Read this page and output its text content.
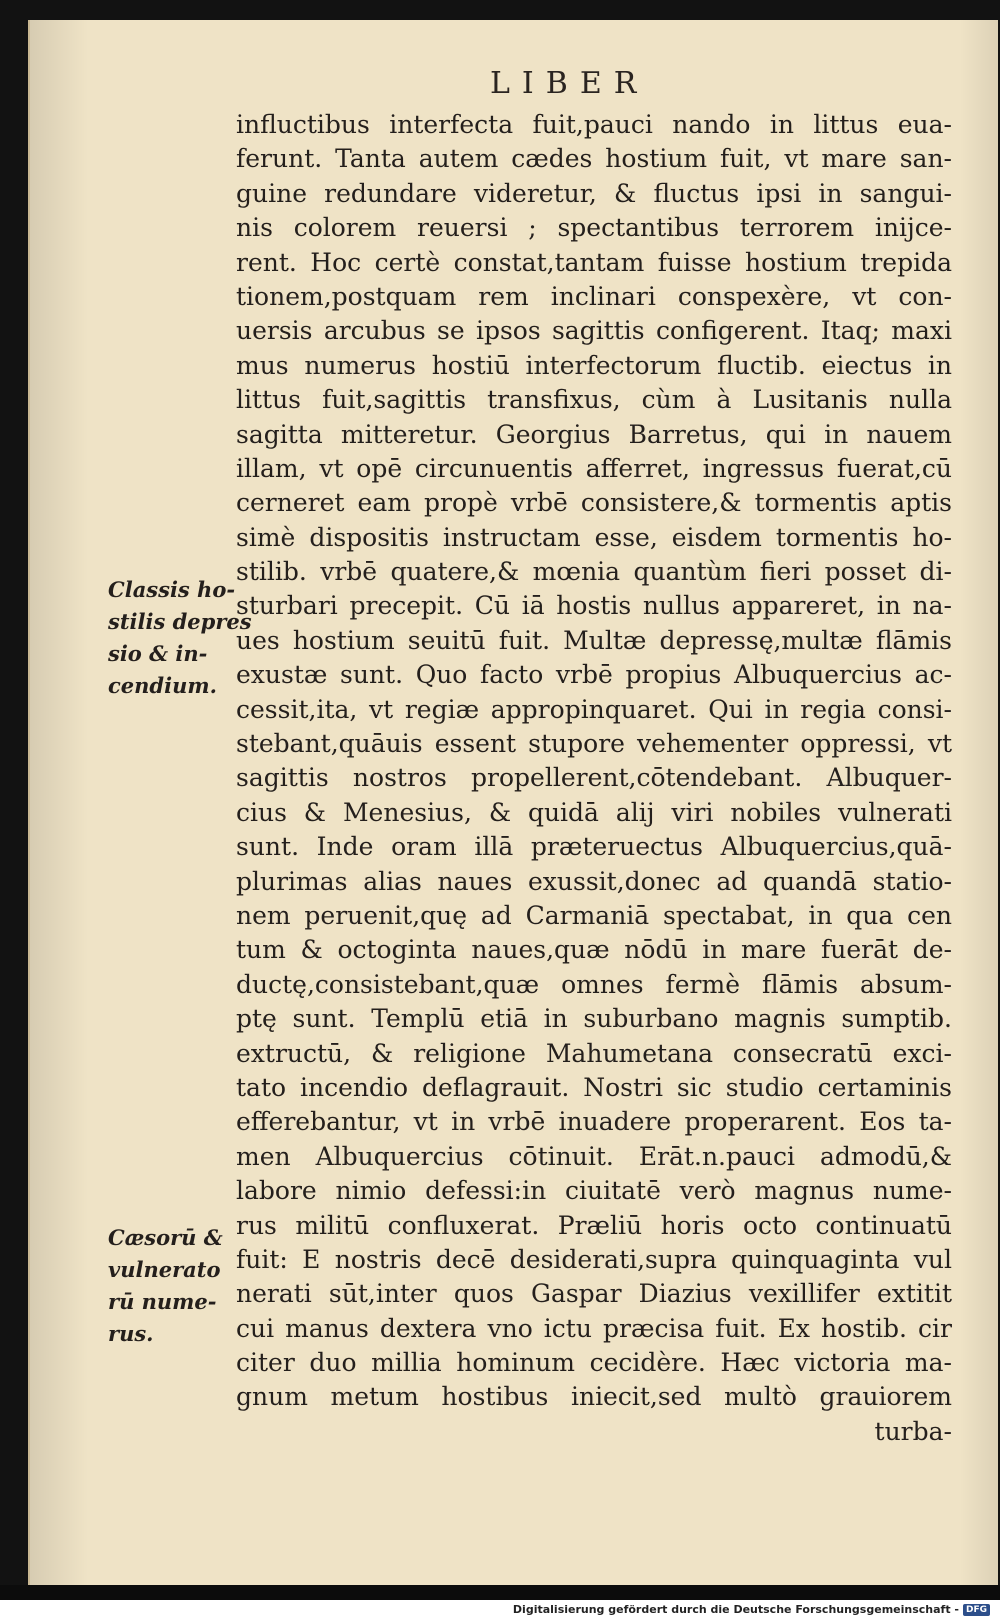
LIBER
influctibus interfecta fuit,pauci nando in littus eua-
ferunt. Tanta autem cædes hostium fuit, vt mare san-
guine redundare videretur, & fluctus ipsi in sangui-
nis colorem reuersi ; spectantibus terrorem inijce-
rent. Hoc certè constat,tantam fuisse hostium trepida
tionem,postquam rem inclinari conspexère, vt con-
uersis arcubus se ipsos sagittis configerent. Itaq; maxi
mus numerus hostiū interfectorum fluctib. eiectus in
littus fuit,sagittis transfixus, cùm à Lusitanis nulla
sagitta mitteretur. Georgius Barretus, qui in nauem
illam, vt opē circunuentis afferret, ingressus fuerat,cū
cerneret eam propè vrbē consistere,& tormentis aptis
simè dispositis instructam esse, eisdem tormentis ho-
stilib. vrbē quatere,& mœnia quantùm fieri posset di-
sturbari precepit. Cū iā hostis nullus appareret, in na-
ues hostium seuitū fuit. Multæ depressę,multæ flāmis
exustæ sunt. Quo facto vrbē propius Albuquercius ac-
cessit,ita, vt regiæ appropinquaret. Qui in regia consi-
stebant,quāuis essent stupore vehementer oppressi, vt
sagittis nostros propellerent,cōtendebant. Albuquer-
cius & Menesius, & quidā alij viri nobiles vulnerati
sunt. Inde oram illā præteruectus Albuquercius,quā-
plurimas alias naues exussit,donec ad quandā statio-
nem peruenit,quę ad Carmaniā spectabat, in qua cen
tum & octoginta naues,quæ nōdū in mare fuerāt de-
ductę,consistebant,quæ omnes fermè flāmis absum-
ptę sunt. Templū etiā in suburbano magnis sumptib.
extructū, & religione Mahumetana consecratū exci-
tato incendio deflagrauit. Nostri sic studio certaminis
efferebantur, vt in vrbē inuadere properarent. Eos ta-
men Albuquercius cōtinuit. Erāt.n.pauci admodū,&
labore nimio defessi:in ciuitatē verò magnus nume-
rus militū confluxerat. Præliū horis octo continuatū
fuit: E nostris decē desiderati,supra quinquaginta vul
nerati sūt,inter quos Gaspar Diazius vexillifer extitit
cui manus dextera vno ictu præcisa fuit. Ex hostib. cir
citer duo millia hominum cecidère. Hæc victoria ma-
gnum metum hostibus iniecit,sed multò grauiorem
turba-
Classis ho-
stilis depres
sio & in-
cendium.
Cæsorū &
vulnerato
rū nume-
rus.
Digitalisierung gefördert durch die Deutsche Forschungsgemeinschaft - DFG
